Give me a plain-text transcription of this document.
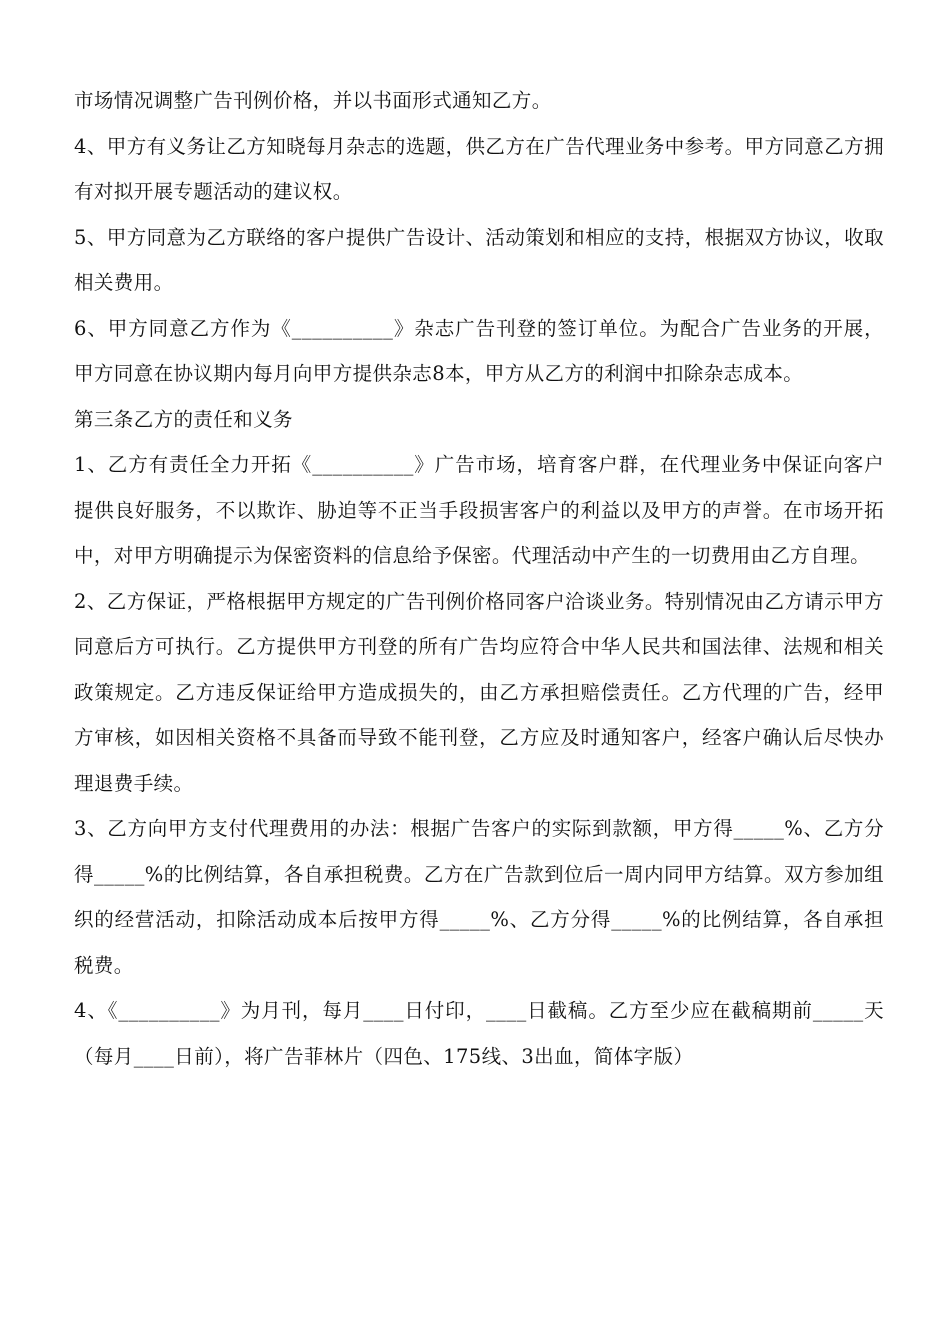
市场情况调整广告刊例价格，并以书面形式通知乙方。

4、甲方有义务让乙方知晓每月杂志的选题，供乙方在广告代理业务中参考。甲方同意乙方拥有对拟开展专题活动的建议权。

5、甲方同意为乙方联络的客户提供广告设计、活动策划和相应的支持，根据双方协议，收取相关费用。

6、甲方同意乙方作为《__________》杂志广告刊登的签订单位。为配合广告业务的开展，甲方同意在协议期内每月向甲方提供杂志8本，甲方从乙方的利润中扣除杂志成本。

第三条乙方的责任和义务

1、乙方有责任全力开拓《__________》广告市场，培育客户群，在代理业务中保证向客户提供良好服务，不以欺诈、胁迫等不正当手段损害客户的利益以及甲方的声誉。在市场开拓中，对甲方明确提示为保密资料的信息给予保密。代理活动中产生的一切费用由乙方自理。

2、乙方保证，严格根据甲方规定的广告刊例价格同客户洽谈业务。特别情况由乙方请示甲方同意后方可执行。乙方提供甲方刊登的所有广告均应符合中华人民共和国法律、法规和相关政策规定。乙方违反保证给甲方造成损失的，由乙方承担赔偿责任。乙方代理的广告，经甲方审核，如因相关资格不具备而导致不能刊登，乙方应及时通知客户，经客户确认后尽快办理退费手续。

3、乙方向甲方支付代理费用的办法：根据广告客户的实际到款额，甲方得_____%、乙方分得_____%的比例结算，各自承担税费。乙方在广告款到位后一周内同甲方结算。双方参加组织的经营活动，扣除活动成本后按甲方得_____%、乙方分得_____%的比例结算，各自承担税费。

4、《__________》为月刊，每月____日付印，____日截稿。乙方至少应在截稿期前_____天（每月____日前），将广告菲林片（四色、175线、3出血，简体字版）
